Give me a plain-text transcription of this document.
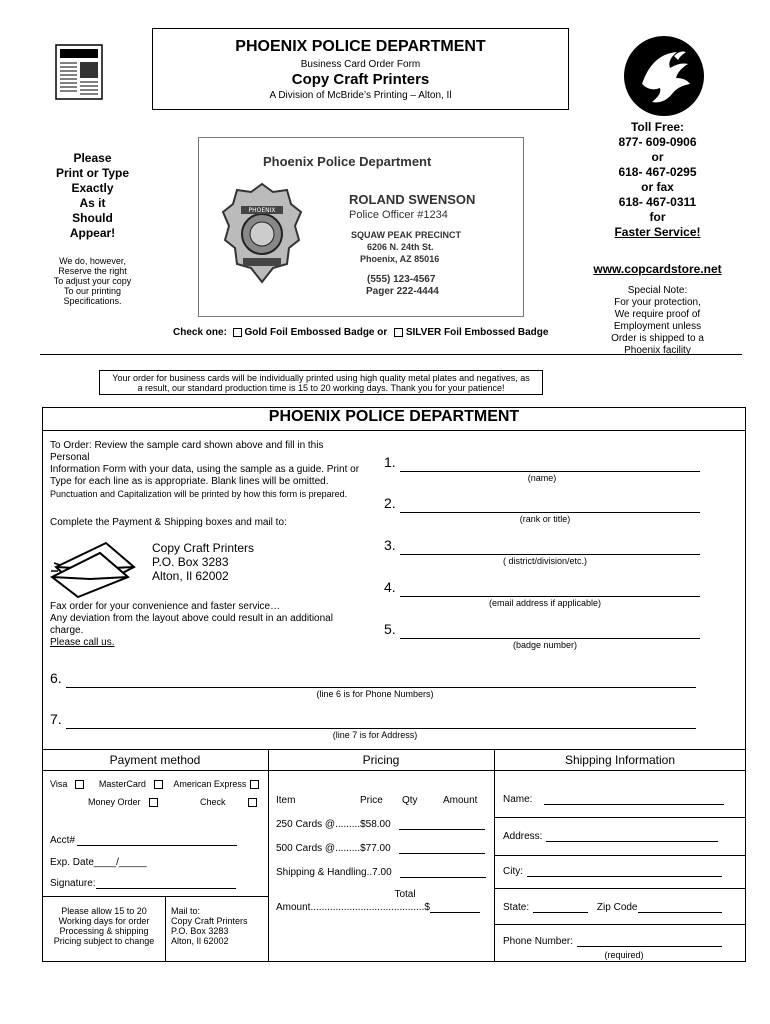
PHOENIX POLICE DEPARTMENT
Business Card Order Form
Copy Craft Printers
A Division of McBride’s Printing – Alton, Il
Please
Print or Type
Exactly
As it
Should
Appear!
We do, however,
Reserve the right
To adjust your copy
To our printing
Specifications.
Phoenix Police Department
PHOENIX
ROLAND SWENSON
Police Officer #1234
SQUAW PEAK PRECINCT
6206 N. 24th St.
Phoenix, AZ 85016
(555) 123-4567
Pager 222-4444
Check one: Gold Foil Embossed Badge or SILVER Foil Embossed Badge
Toll Free:
877- 609-0906
or
618- 467-0295
or fax
618- 467-0311
for
Faster Service!
www.copcardstore.net
Special Note:
For your protection,
We require proof of
Employment unless
Order is shipped to a
Phoenix facility
Your order for business cards will be individually printed using high quality metal plates and negatives, as a result, our standard production time is 15 to 20 working days. Thank you for your patience!
PHOENIX POLICE DEPARTMENT
To Order: Review the sample card shown above and fill in this
Personal
Information Form with your data, using the sample as a guide. Print or
Type for each line as is appropriate. Blank lines will be omitted.
Punctuation and Capitalization will be printed by how this form is prepared.
Complete the Payment & Shipping boxes and mail to:
Copy Craft Printers
P.O. Box 3283
Alton, Il 62002
Fax order for your convenience and faster service…
Any deviation from the layout above could result in an additional
charge.
Please call us.
1.
(name)
2.
(rank or title)
3.
( district/division/etc.)
4.
(email address if applicable)
5.
(badge number)
6.
(line 6 is for Phone Numbers)
7.
(line 7 is for Address)
Payment method	Pricing	Shipping Information
Visa	MasterCard	American Express
Money Order	Check
Acct#
Exp. Date____/_____
Signature:
Please allow 15 to 20
Working days for order
Processing & shipping
Pricing subject to change
Mail to:
Copy Craft Printers
P.O. Box 3283
Alton, Il 62002
Item	Price Qty	Amount
250 Cards @.........$58.00
500 Cards @.........$77.00
Shipping & Handling..7.00
Total
Amount.........................................$
Name:
Address:
City:
State:	Zip Code
Phone Number:
(required)
